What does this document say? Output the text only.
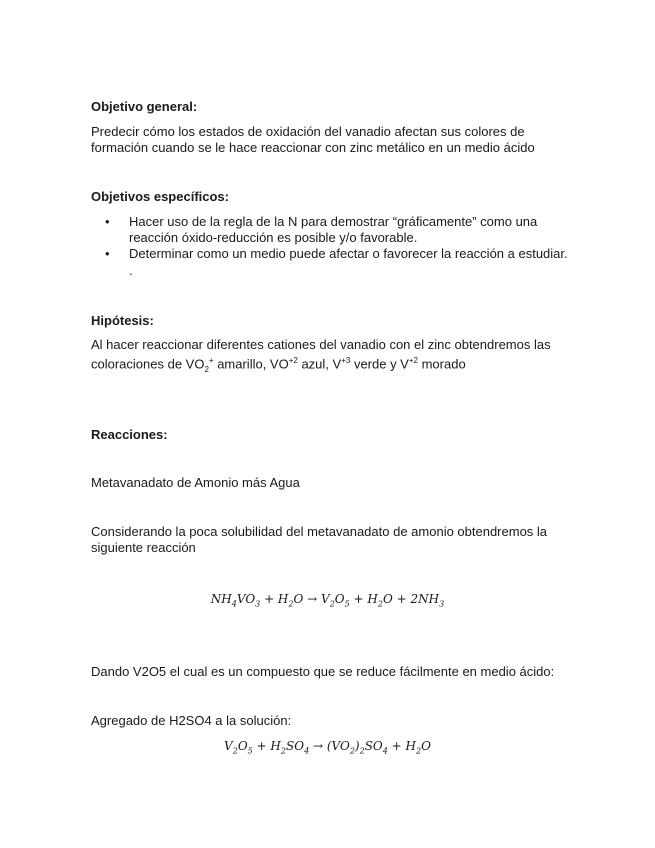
Objetivo general:
Predecir cómo los estados de oxidación del vanadio afectan sus colores de formación cuando se le hace reaccionar con zinc metálico en un medio ácido
Objetivos específicos:
• Hacer uso de la regla de la N para demostrar “gráficamente” como una reacción óxido-reducción es posible y/o favorable.
• Determinar como un medio puede afectar o favorecer la reacción a estudiar.
.
Hipótesis:
Al hacer reaccionar diferentes cationes del vanadio con el zinc obtendremos las coloraciones de $VO_2^+$ amarillo, $VO^{+2}$ azul, $V^{+3}$ verde y $V^{+2}$ morado
Reacciones:
Metavanadato de Amonio más Agua
Considerando la poca solubilidad del metavanadato de amonio obtendremos la siguiente reacción
$NH_4VO_3 + H_2O \to V_2O_5 + H_2O + 2NH_3$
Dando V2O5 el cual es un compuesto que se reduce fácilmente en medio ácido:
Agregado de H2SO4 a la solución:
$V_2O_5 + H_2SO_4 \to (VO_2)_2SO_4 + H_2O$
